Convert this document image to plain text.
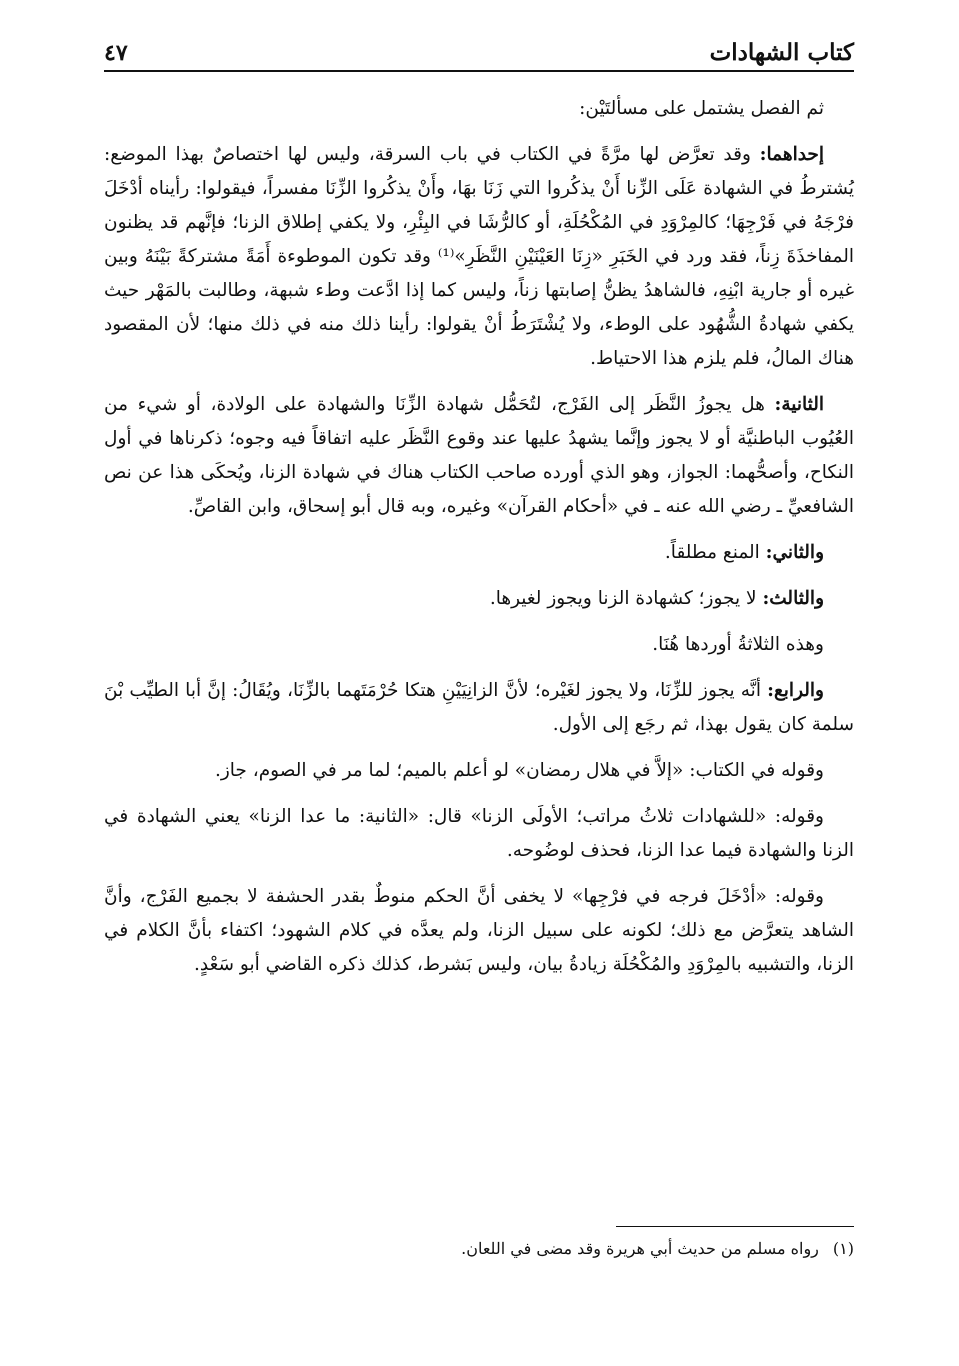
كتاب الشهادات
٤٧

ثم الفصل يشتمل على مسألتَيْن:

إحداهما: وقد تعرَّض لها مرَّةً في الكتاب في باب السرقة، وليس لها اختصاصٌ بهذا الموضع: يُشترطُ في الشهادة عَلَى الزِّنا أَنْ يذكُروا التي زَنَا بهَا، وأَنْ يذكُروا الزِّنَا مفسراً، فيقولوا: رأيناه أدْخَلَ فرْجَهُ في فَرْجِهَا؛ كالمِرْوَدِ في المُكْحُلَةِ، أو كالرُّشَا في البِئْرِ، ولا يكفي إطلاق الزنا؛ فإنَّهم قد يظنون المفاخذَةَ زِناً، فقد ورد في الخَبَرِ «زِنَا العَيْنَيْنِ النَّظَرِ»⁽¹⁾ وقد تكون الموطوءة أَمَةً مشتركةً بَيْنَهُ وبين غيره أو جارية ابْنِهِ، فالشاهدُ يظنُّ إصابتها زناً، وليس كما إذا ادَّعت وطء شبهة، وطالبت بالمَهْر حيث يكفي شهادةُ الشُّهُود على الوطء، ولا يُشْتَرَطُ أنْ يقولوا: رأينا ذلك منه في ذلك منها؛ لأن المقصود هناك المالُ، فلم يلزم هذا الاحتياط.

الثانية: هل يجوزُ النَّظَر إلى الفَرْج، لتُحَمُّل شهادة الزِّنَا والشهادة على الولادة، أو شيء من العُيُوب الباطنيَّة أو لا يجوز وإنَّما يشهدُ عليها عند وقوع النَّظَر عليه اتفاقاً فيه وجوه؛ ذكرناها في أول النكاح، وأصحُّهما: الجواز، وهو الذي أورده صاحب الكتاب هناك في شهادة الزنا، ويُحكَى هذا عن نص الشافعيِّ ـ رضي الله عنه ـ في «أحكام القرآن» وغيره، وبه قال أبو إسحاق، وابن القاصِّ.

والثاني: المنع مطلقاً.

والثالث: لا يجوز؛ كشهادة الزنا ويجوز لغيرها.

وهذه الثلاثةُ أوردها هُنَا.

والرابع: أنَّه يجوز للزِّنَا، ولا يجوز لغَيْره؛ لأنَّ الزانِيَيْنِ هتكا حُرْمَتَهما بالزِّنَا، ويُقَالُ: إنَّ أبا الطيِّب بْنَ سلمة كان يقول بهذا، ثم رجَع إلى الأول.

وقوله في الكتاب: «إلاَّ في هلال رمضان» لو أعلم بالميم؛ لما مر في الصوم، جاز.

وقوله: «للشهادات ثلاثُ مراتب؛ الأولَى الزنا» قال: «الثانية: ما عدا الزنا» يعني الشهادة في الزنا والشهادة فيما عدا الزنا، فحذف لوضُوحه.

وقوله: «أدْخَلَ فرجه في فرْجِها» لا يخفى أنَّ الحكم منوطٌ بقدر الحشفة لا بجميع الفَرْج، وأنَّ الشاهد يتعرَّض مع ذلك؛ لكونه على سبيل الزنا، ولم يعدَّه في كلام الشهود؛ اكتفاء بأنَّ الكلام في الزنا، والتشبيه بالمِرْوَدِ والمُكْحُلَة زيادةُ بيان، وليس بَشرط، كذلك ذكره القاضي أبو سَعْدٍ.

(١)رواه مسلم من حديث أبي هريرة وقد مضى في اللعان.
